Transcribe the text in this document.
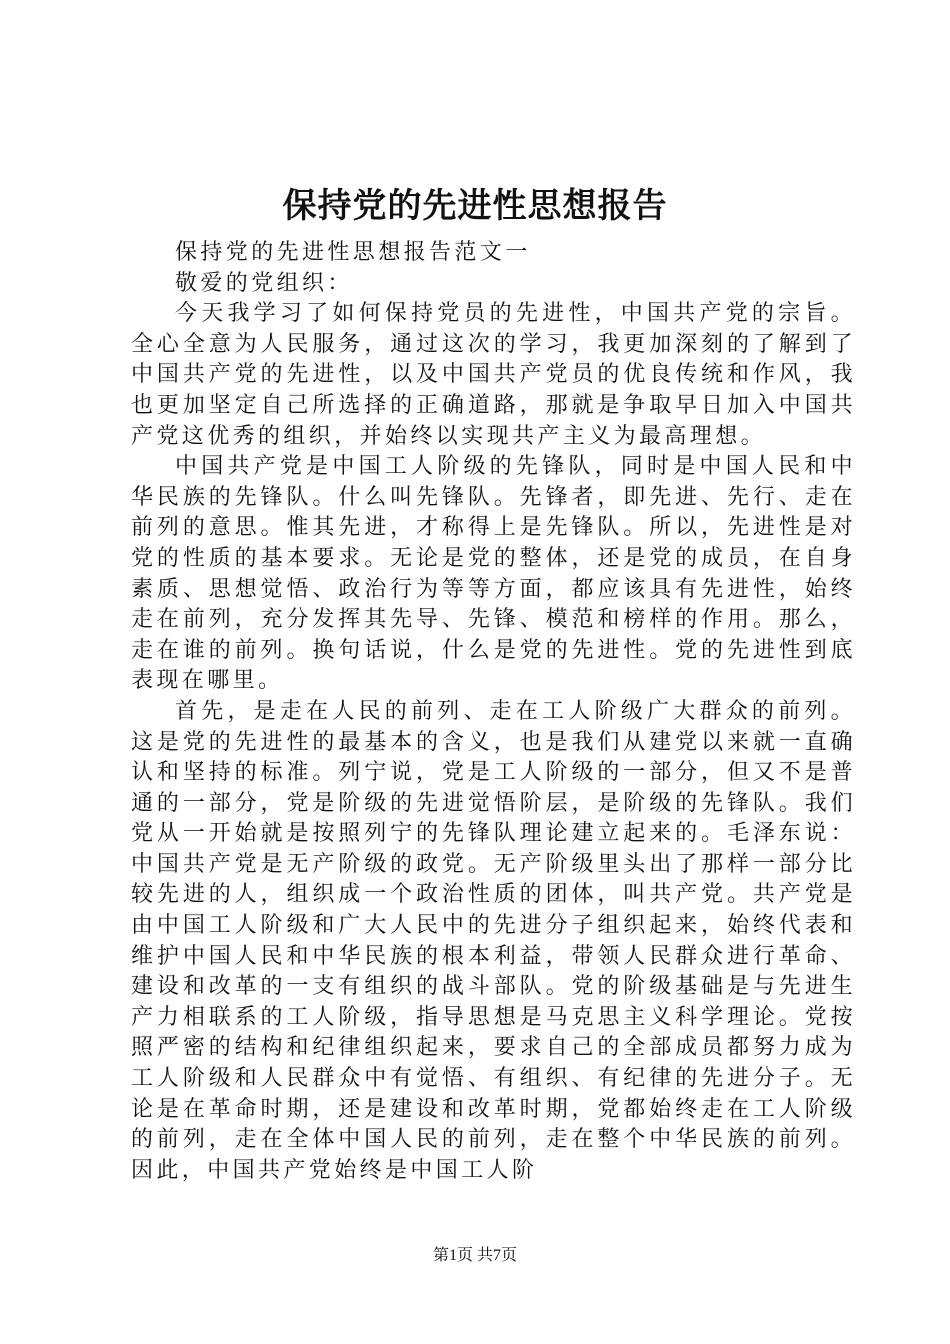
保持党的先进性思想报告

保持党的先进性思想报告范文一

敬爱的党组织：

今天我学习了如何保持党员的先进性，中国共产党的宗旨。全心全意为人民服务，通过这次的学习，我更加深刻的了解到了中国共产党的先进性，以及中国共产党员的优良传统和作风，我也更加坚定自己所选择的正确道路，那就是争取早日加入中国共产党这优秀的组织，并始终以实现共产主义为最高理想。

中国共产党是中国工人阶级的先锋队，同时是中国人民和中华民族的先锋队。什么叫先锋队。先锋者，即先进、先行、走在前列的意思。惟其先进，才称得上是先锋队。所以，先进性是对党的性质的基本要求。无论是党的整体，还是党的成员，在自身素质、思想觉悟、政治行为等等方面，都应该具有先进性，始终走在前列，充分发挥其先导、先锋、模范和榜样的作用。那么，走在谁的前列。换句话说，什么是党的先进性。党的先进性到底表现在哪里。

首先，是走在人民的前列、走在工人阶级广大群众的前列。这是党的先进性的最基本的含义，也是我们从建党以来就一直确认和坚持的标准。列宁说，党是工人阶级的一部分，但又不是普通的一部分，党是阶级的先进觉悟阶层，是阶级的先锋队。我们党从一开始就是按照列宁的先锋队理论建立起来的。毛泽东说：中国共产党是无产阶级的政党。无产阶级里头出了那样一部分比较先进的人，组织成一个政治性质的团体，叫共产党。共产党是由中国工人阶级和广大人民中的先进分子组织起来，始终代表和维护中国人民和中华民族的根本利益，带领人民群众进行革命、建设和改革的一支有组织的战斗部队。党的阶级基础是与先进生产力相联系的工人阶级，指导思想是马克思主义科学理论。党按照严密的结构和纪律组织起来，要求自己的全部成员都努力成为工人阶级和人民群众中有觉悟、有组织、有纪律的先进分子。无论是在革命时期，还是建设和改革时期，党都始终走在工人阶级的前列，走在全体中国人民的前列，走在整个中华民族的前列。因此，中国共产党始终是中国工人阶

第1页 共7页
